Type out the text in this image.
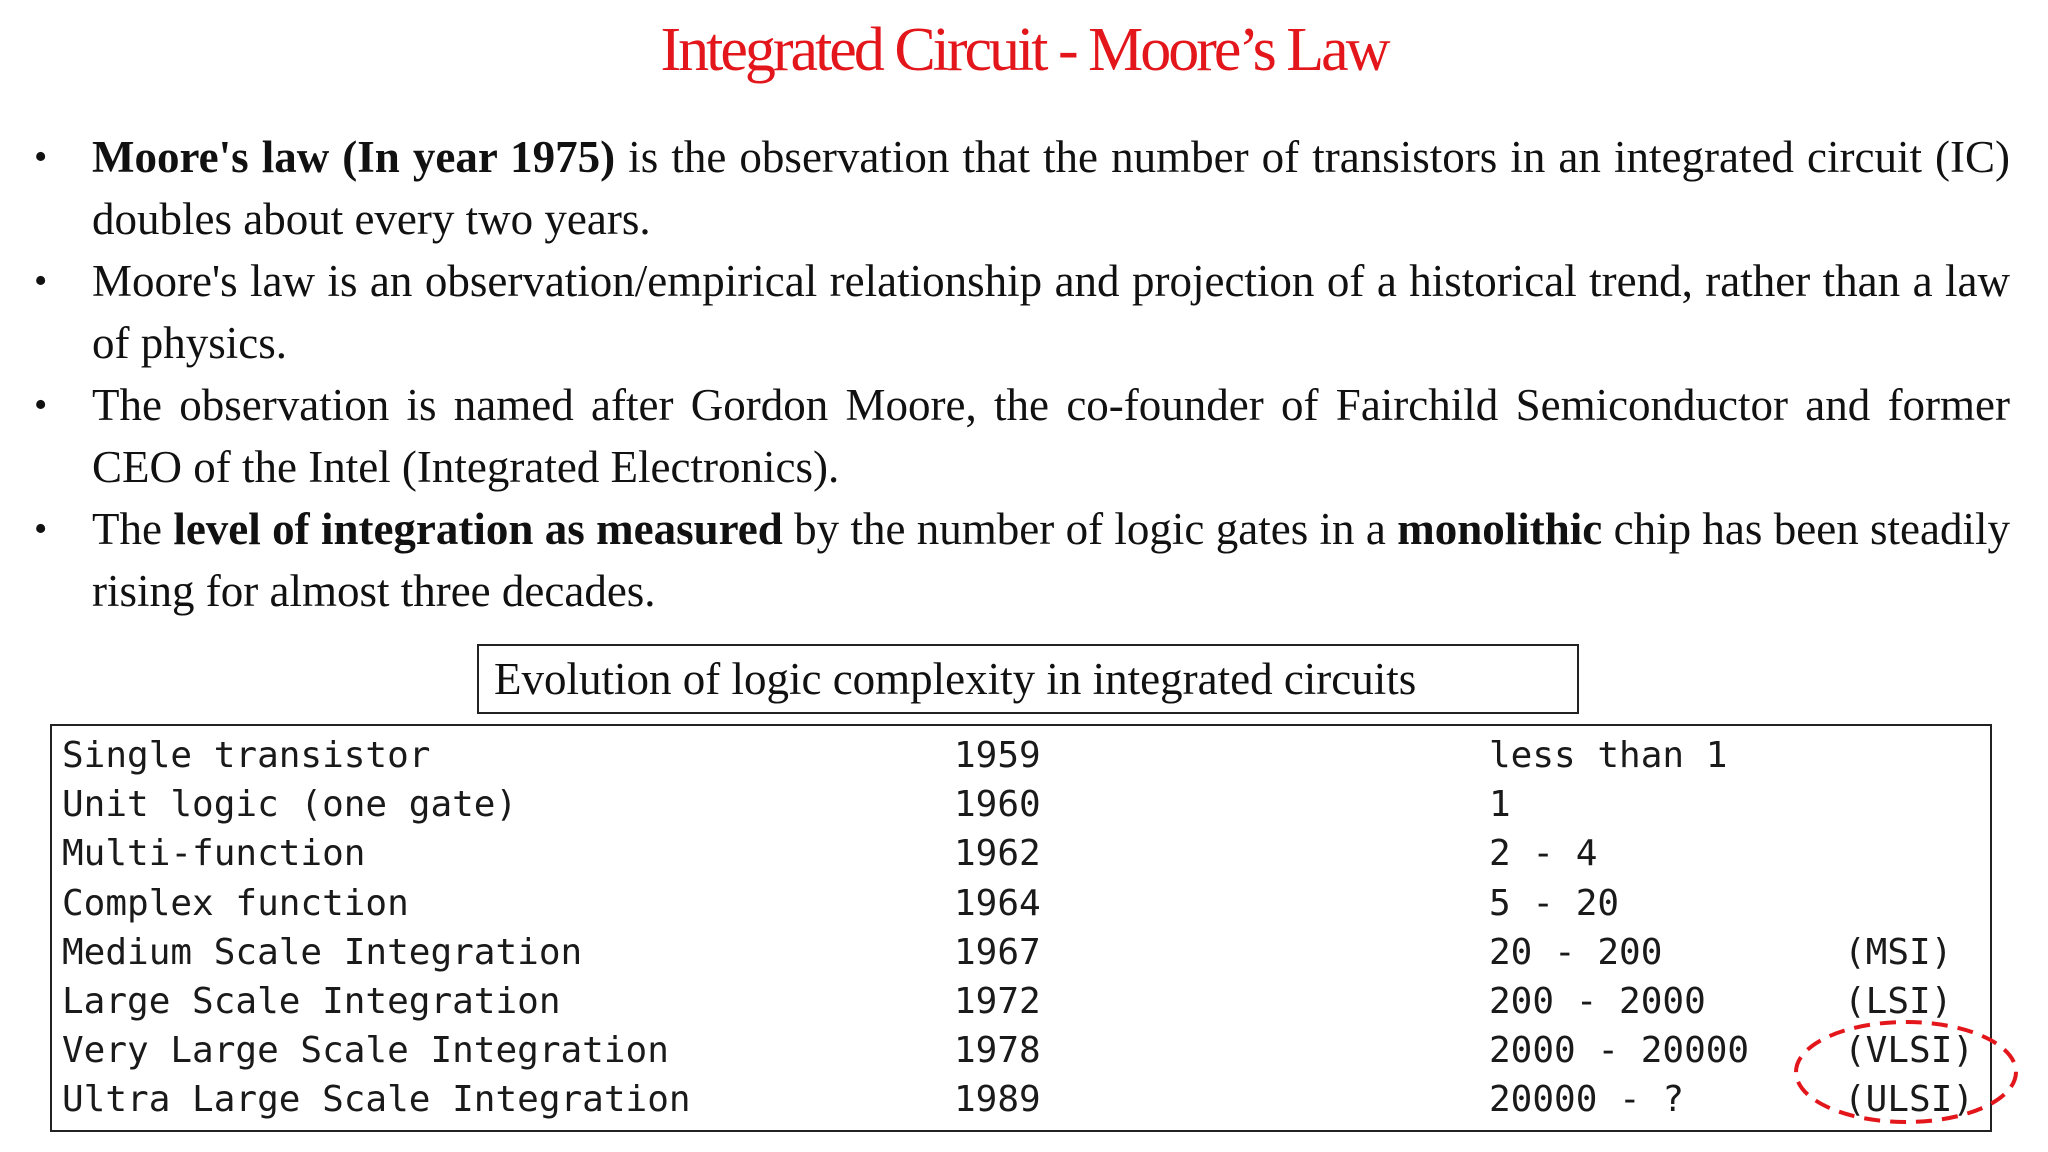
Integrated Circuit - Moore’s Law
• Moore's law (In year 1975) is the observation that the number of transistors in an integrated circuit (IC) doubles about every two years.
• Moore's law is an observation/empirical relationship and projection of a historical trend, rather than a law of physics.
• The observation is named after Gordon Moore, the co-founder of Fairchild Semiconductor and former CEO of the Intel (Integrated Electronics).
• The level of integration as measured by the number of logic gates in a monolithic chip has been steadily rising for almost three decades.
Evolution of logic complexity in integrated circuits
Single transistor	1959	less than 1
Unit logic (one gate)	1960	1
Multi-function	1962	2 - 4
Complex function	1964	5 - 20
Medium Scale Integration	1967	20 - 200	(MSI)
Large Scale Integration	1972	200 - 2000	(LSI)
Very Large Scale Integration	1978	2000 - 20000	(VLSI)
Ultra Large Scale Integration	1989	20000 - ?	(ULSI)
